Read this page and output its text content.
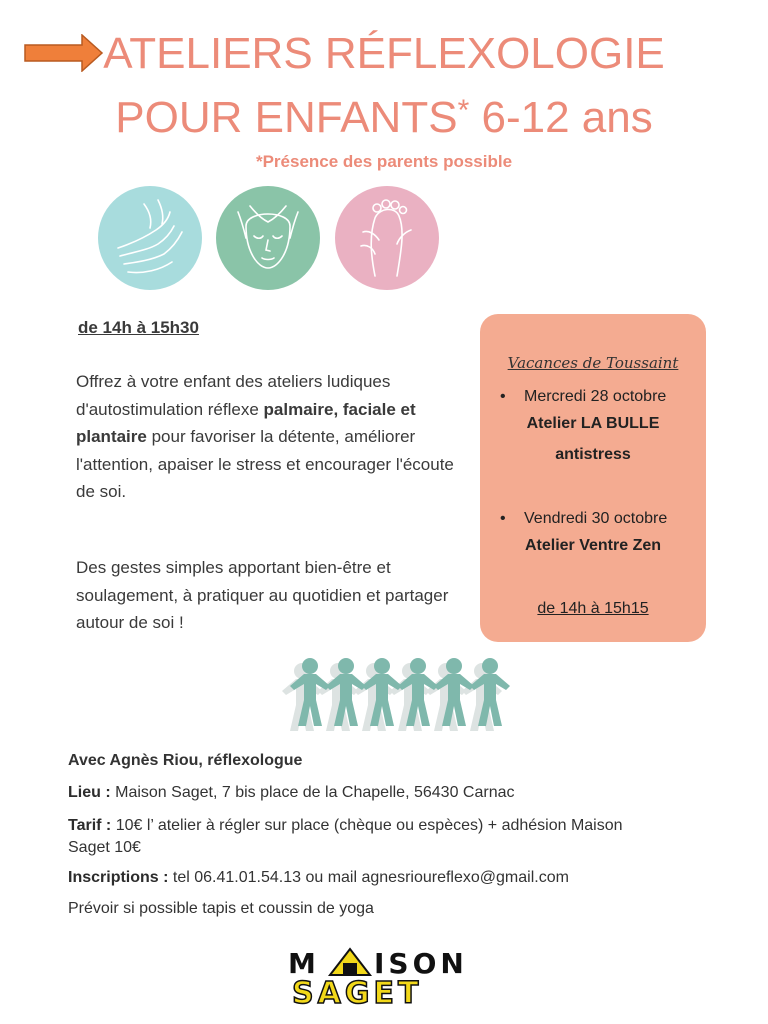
ATELIERS RÉFLEXOLOGIE
POUR ENFANTS* 6-12 ans
*Présence des parents possible
de 14h à 15h30

Offrez à votre enfant des ateliers ludiques d'autostimulation réflexe palmaire, faciale et plantaire pour favoriser la détente, améliorer l'attention, apaiser le stress et encourager l'écoute de soi.

Des gestes simples apportant bien-être et soulagement, à pratiquer au quotidien et partager autour de soi !

Vacances de Toussaint
•	Mercredi 28 octobre
Atelier LA BULLE
antistress
•	Vendredi 30 octobre
Atelier Ventre Zen
de 14h à 15h15
Avec Agnès Riou, réflexologue
Lieu : Maison Saget, 7 bis place de la Chapelle, 56430 Carnac
Tarif : 10€ l’ atelier à régler sur place (chèque ou espèces) + adhésion Maison Saget 10€
Inscriptions : tel 06.41.01.54.13 ou mail agnesrioureflexo@gmail.com
Prévoir si possible tapis et coussin de yoga
M ISON
SAGET
